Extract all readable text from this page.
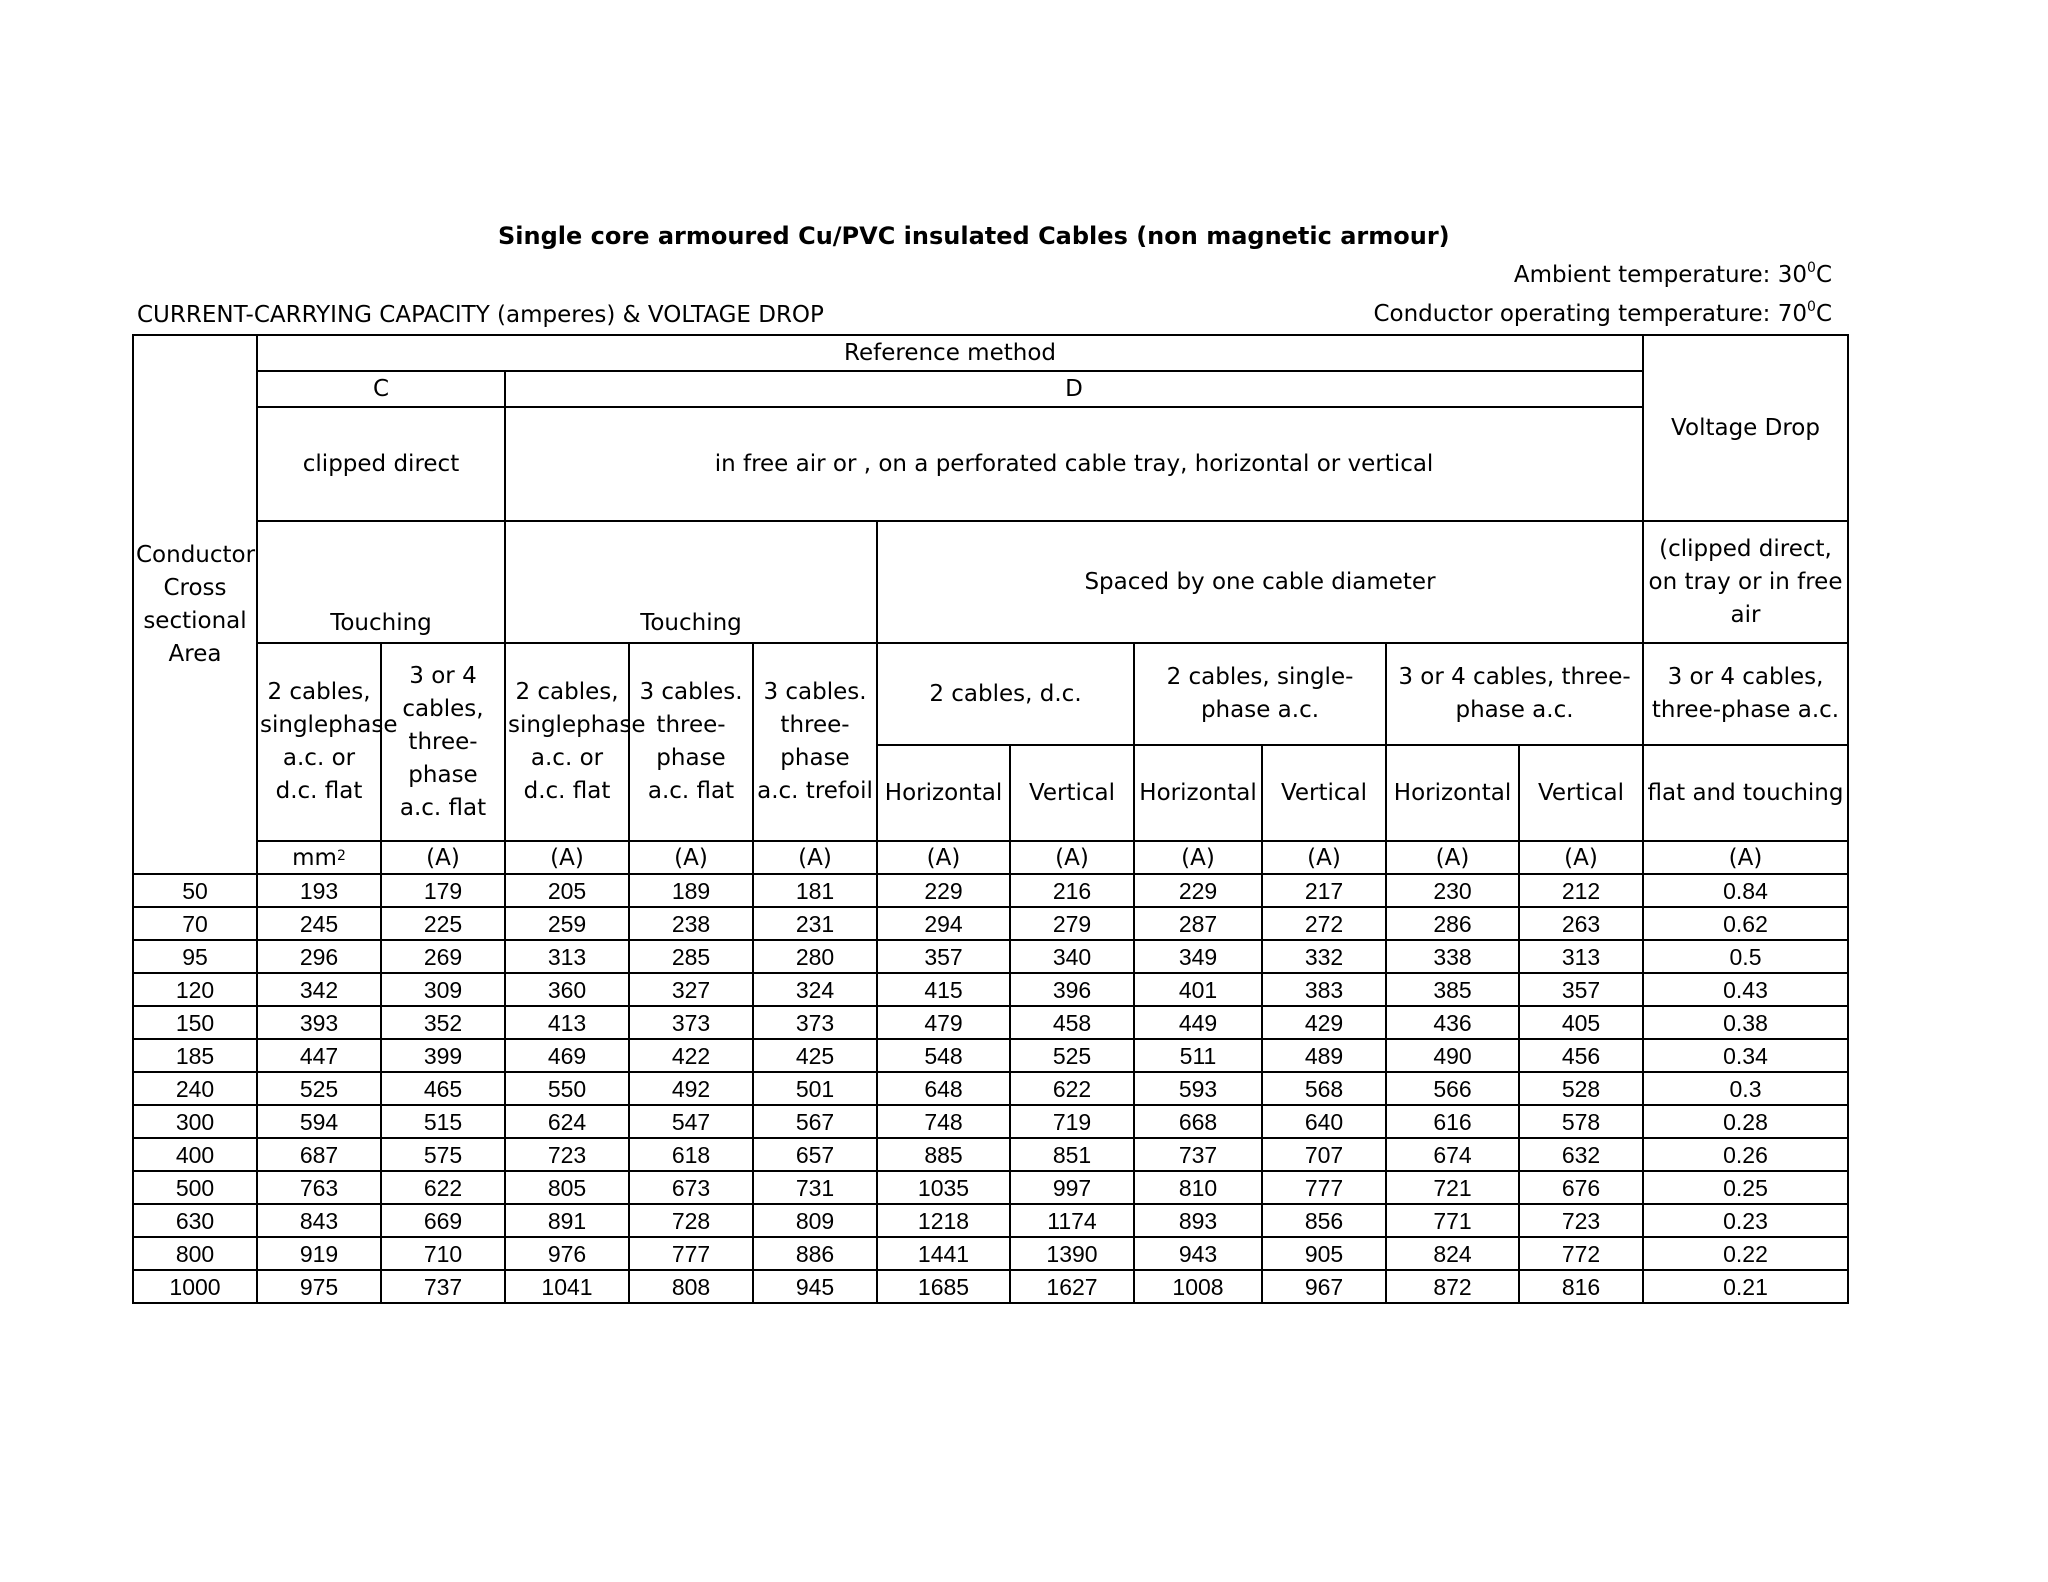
Single core armoured Cu/PVC insulated Cables (non magnetic armour)
Ambient temperature: $30^0C$
CURRENT-CARRYING CAPACITY (amperes) & VOLTAGE DROP	Conductor operating temperature: $70^0C$
Conductor Cross sectional Area	Reference method											Voltage Drop	
	C		D										
	clipped direct		in free air or , on a perforated cable tray, horizontal or vertical										
	Touching		Touching			Spaced by one cable diameter						(clipped direct, on tray or in free air	
	2 cables, singlephase a.c. or d.c. flat	3 or 4 cables, three-phase a.c. flat	2 cables, singlephase a.c. or d.c. flat	3 cables. three-phase a.c. flat	3 cables. three-phase a.c. trefoil	2 cables, d.c.		2 cables, single-phase a.c.		3 or 4 cables, three-phase a.c.		3 or 4 cables, three-phase a.c.	
						Horizontal	Vertical	Horizontal	Vertical	Horizontal	Vertical	flat and touching	
	$mm^2$	(A)	(A)	(A)	(A)	(A)	(A)	(A)	(A)	(A)	(A)	(A)	
50	193	179	205	189	181	229	216	229	217	230	212	0.84	
70	245	225	259	238	231	294	279	287	272	286	263	0.62	
95	296	269	313	285	280	357	340	349	332	338	313	0.5	
120	342	309	360	327	324	415	396	401	383	385	357	0.43	
150	393	352	413	373	373	479	458	449	429	436	405	0.38	
185	447	399	469	422	425	548	525	511	489	490	456	0.34	
240	525	465	550	492	501	648	622	593	568	566	528	0.3	
300	594	515	624	547	567	748	719	668	640	616	578	0.28	
400	687	575	723	618	657	885	851	737	707	674	632	0.26	
500	763	622	805	673	731	1035	997	810	777	721	676	0.25	
630	843	669	891	728	809	1218	1174	893	856	771	723	0.23	
800	919	710	976	777	886	1441	1390	943	905	824	772	0.22	
1000	975	737	1041	808	945	1685	1627	1008	967	872	816	0.21	
